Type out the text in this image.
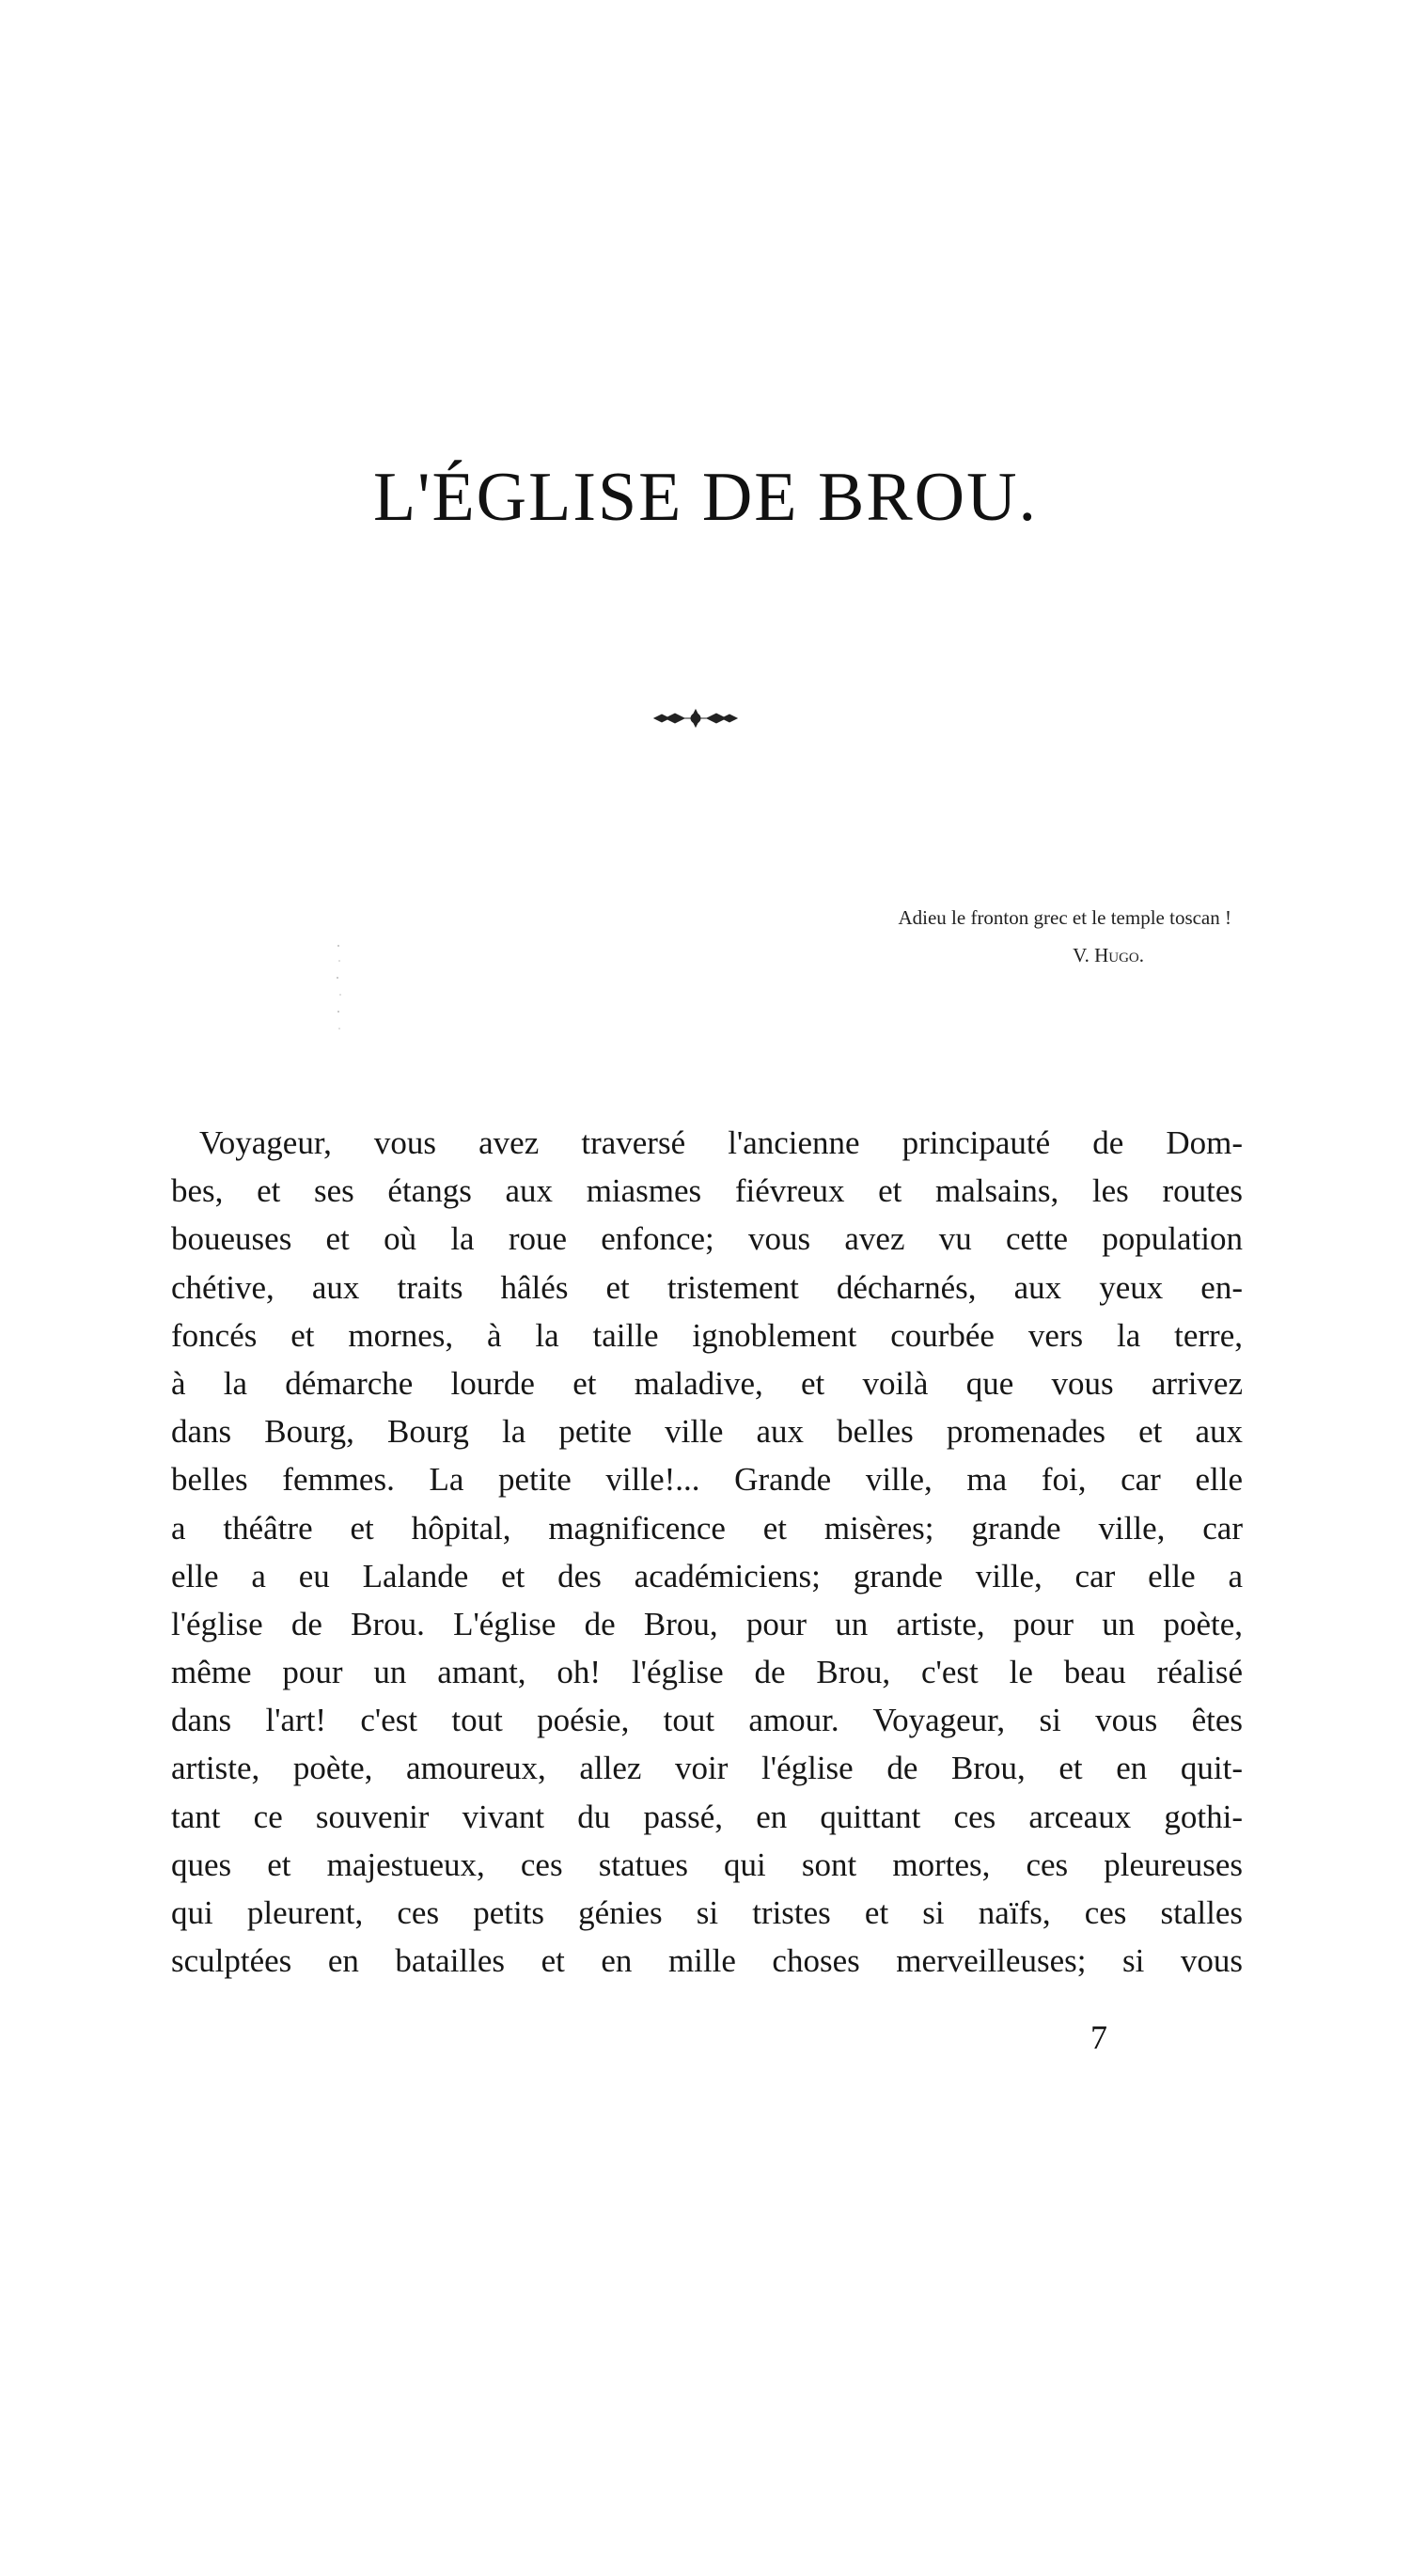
L'ÉGLISE DE BROU.
Adieu le fronton grec et le temple toscan !
V. Hugo.
Voyageur, vous avez traversé l'ancienne principauté de Dom-
bes, et ses étangs aux miasmes fiévreux et malsains, les routes
boueuses et où la roue enfonce; vous avez vu cette population
chétive, aux traits hâlés et tristement décharnés, aux yeux en-
foncés et mornes, à la taille ignoblement courbée vers la terre,
à la démarche lourde et maladive, et voilà que vous arrivez
dans Bourg, Bourg la petite ville aux belles promenades et aux
belles femmes. La petite ville!... Grande ville, ma foi, car elle
a théâtre et hôpital, magnificence et misères; grande ville, car
elle a eu Lalande et des académiciens; grande ville, car elle a
l'église de Brou. L'église de Brou, pour un artiste, pour un poète,
même pour un amant, oh! l'église de Brou, c'est le beau réalisé
dans l'art! c'est tout poésie, tout amour. Voyageur, si vous êtes
artiste, poète, amoureux, allez voir l'église de Brou, et en quit-
tant ce souvenir vivant du passé, en quittant ces arceaux gothi-
ques et majestueux, ces statues qui sont mortes, ces pleureuses
qui pleurent, ces petits génies si tristes et si naïfs, ces stalles
sculptées en batailles et en mille choses merveilleuses; si vous
7
